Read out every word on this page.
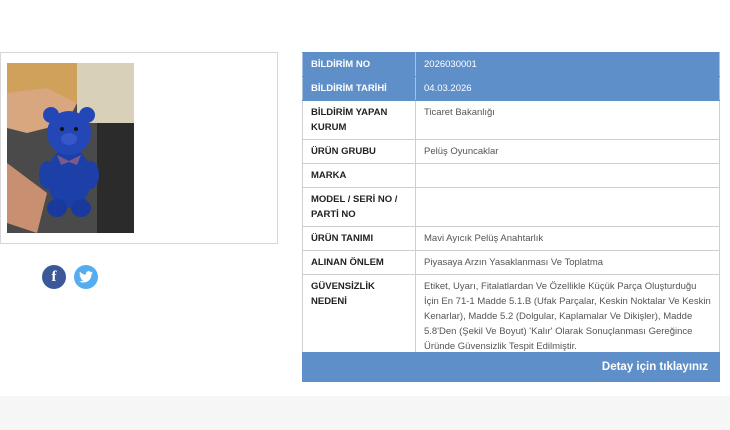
f
BİLDİRİM NO	2026030001
BİLDİRİM TARİHİ	04.03.2026
BİLDİRİM YAPAN KURUM	Ticaret Bakanlığı
ÜRÜN GRUBU	Pelüş Oyuncaklar
MARKA	
MODEL / SERİ NO / PARTİ NO	
ÜRÜN TANIMI	Mavi Ayıcık Pelüş Anahtarlık
ALINAN ÖNLEM	Piyasaya Arzın Yasaklanması Ve Toplatma
GÜVENSİZLİK NEDENİ	Etiket, Uyarı, Fitalatlardan Ve Özellikle Küçük Parça Oluşturduğu İçin En 71-1 Madde 5.1.B (Ufak Parçalar, Keskin Noktalar Ve Keskin Kenarlar), Madde 5.2 (Dolgular, Kaplamalar Ve Dikişler), Madde 5.8'Den (Şekil Ve Boyut) 'Kalır' Olarak Sonuçlanması Gereğince Üründe Güvensizlik Tespit Edilmiştir.
Detay için tıklayınız
